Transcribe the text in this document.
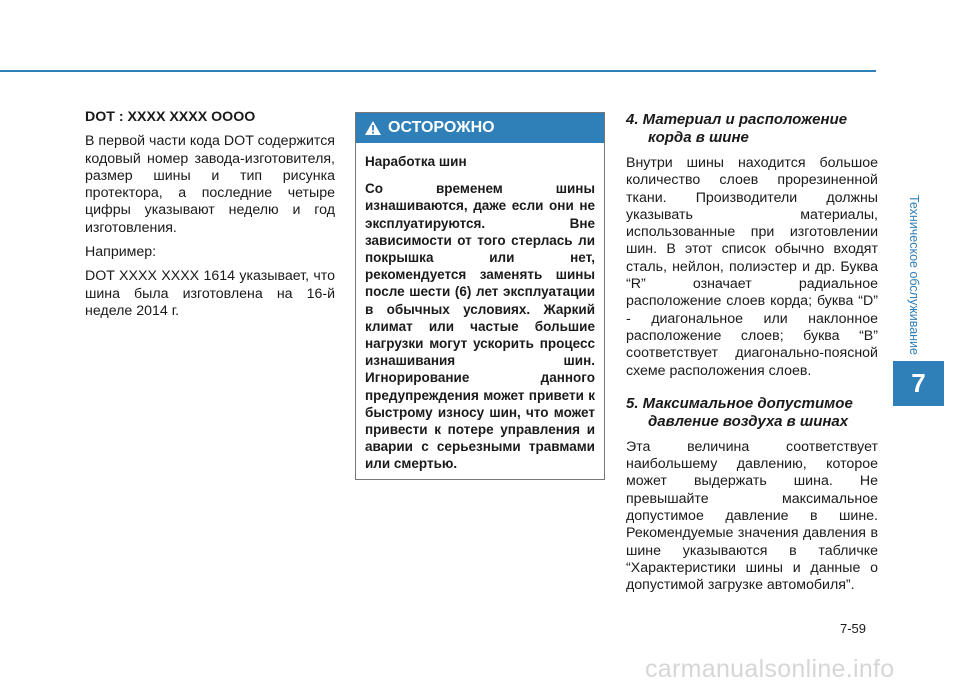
Техническое обслуживание
7

DOT : XXXX XXXX OOOO

В первой части кода DOT содержится кодовый номер завода-изготовителя, размер шины и тип рисунка протектора, а последние четыре цифры указывают неделю и год изготовления.

Например:

DOT XXXX XXXX 1614 указывает, что шина была изготовлена на 16-й неделе 2014 г.

ОСТОРОЖНО

Наработка шин

Со временем шины изнашиваются, даже если они не эксплуатируются. Вне зависимости от того стерлась ли покрышка или нет, рекомендуется заменять шины после шести (6) лет эксплуатации в обычных условиях. Жаркий климат или частые большие нагрузки могут ускорить процесс изнашивания шин. Игнорирование данного предупреждения может привети к быстрому износу шин, что может привести к потере управления и аварии с серьезными травмами или смертью.

4. Материал и расположение корда в шине

Внутри шины находится большое количество слоев прорезиненной ткани. Производители должны указывать материалы, использованные при изготовлении шин. В этот список обычно входят сталь, нейлон, полиэстер и др. Буква “R” означает радиальное расположение слоев корда; буква “D” - диагональное или наклонное расположение слоев; буква “B” соответствует диагонально-поясной схеме расположения слоев.

5. Максимальное допустимое давление воздуха в шинах

Эта величина соответствует наибольшему давлению, которое может выдержать шина. Не превышайте максимальное допустимое давление в шине. Рекомендуемые значения давления в шине указываются в табличке “Характеристики шины и данные о допустимой загрузке автомобиля”.

7-59
carmanualsonline.info
